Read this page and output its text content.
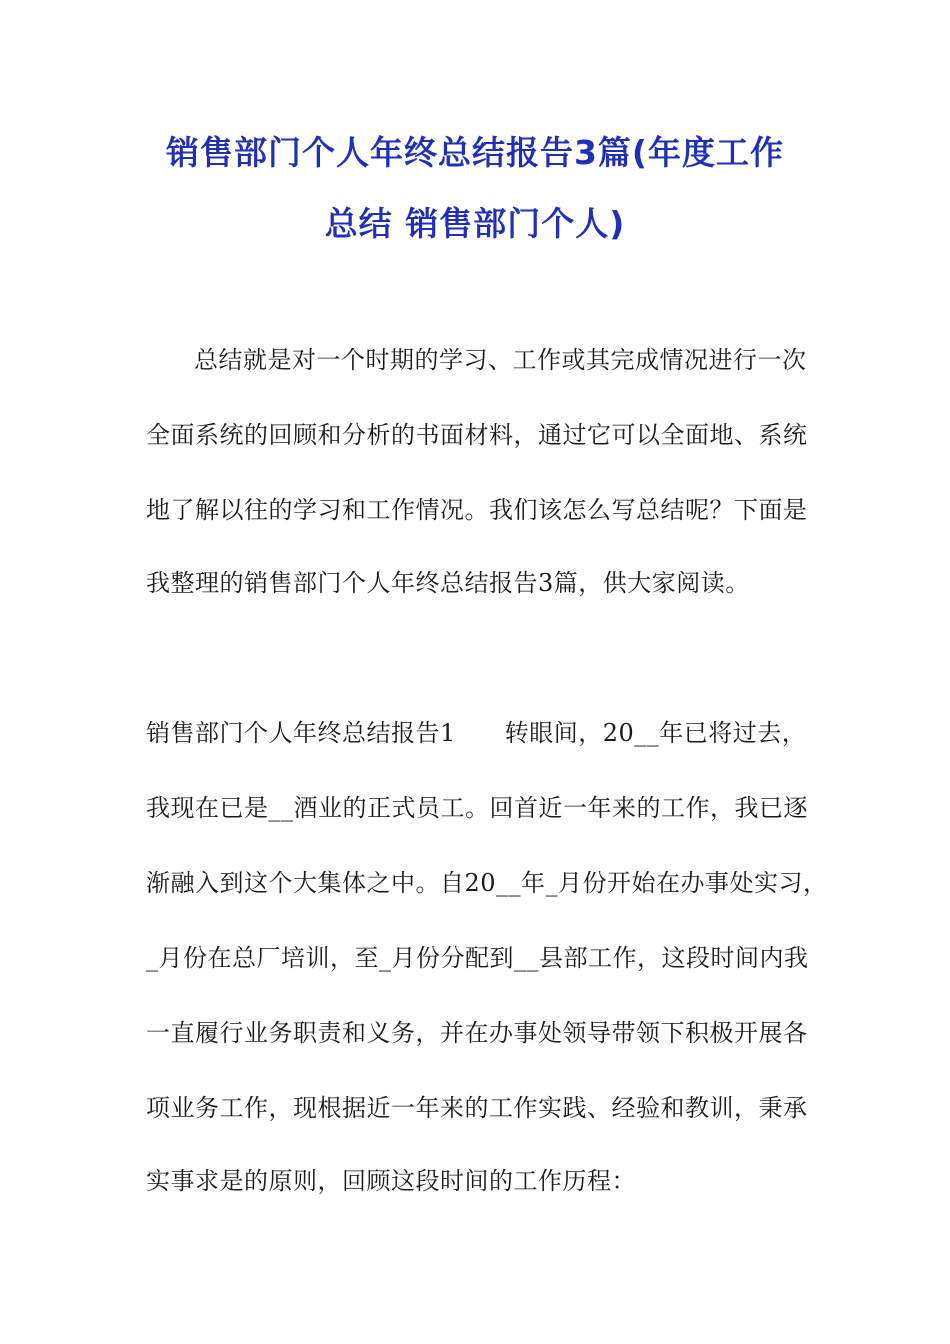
销售部门个人年终总结报告3篇(年度工作
总结 销售部门个人)
总结就是对一个时期的学习、工作或其完成情况进行一次
全面系统的回顾和分析的书面材料，通过它可以全面地、系统
地了解以往的学习和工作情况。我们该怎么写总结呢？下面是
我整理的销售部门个人年终总结报告3篇，供大家阅读。
销售部门个人年终总结报告1　　转眼间，20__年已将过去，
我现在已是__酒业的正式员工。回首近一年来的工作，我已逐
渐融入到这个大集体之中。自20__年_月份开始在办事处实习，
_月份在总厂培训，至_月份分配到__县部工作，这段时间内我
一直履行业务职责和义务，并在办事处领导带领下积极开展各
项业务工作，现根据近一年来的工作实践、经验和教训，秉承
实事求是的原则，回顾这段时间的工作历程：
